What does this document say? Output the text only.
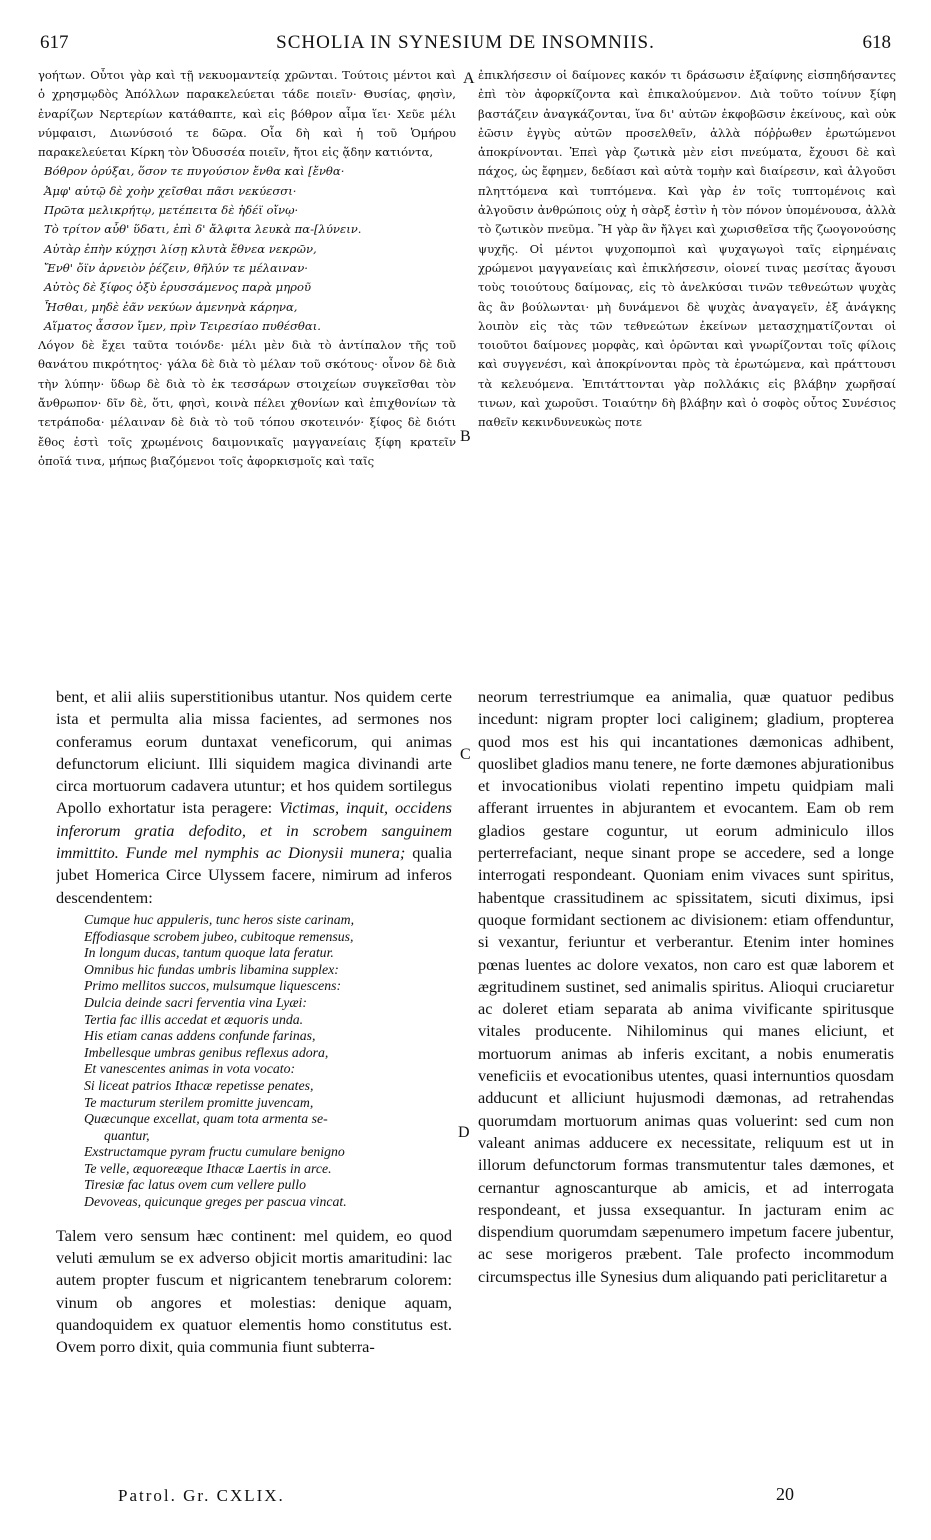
617	SCHOLIA IN SYNESIUM DE INSOMNIIS.	618

γοήτων. Οὗτοι γὰρ καὶ τῇ νεκυομαντείᾳ χρῶνται. Τούτοις μέντοι καὶ ὁ χρησμῳδὸς Ἀπόλλων παρακελεύεται τάδε ποιεῖν· Θυσίας, φησὶν, ἐναρίζων Νερτερίων κατάθαπτε, καὶ εἰς βόθρον αἷμα ἵει· Χεῦε μέλι νύμφαισι, Διωνύσοιό τε δῶρα. Οἷα δὴ καὶ ἡ τοῦ Ὁμήρου παρακελεύεται Κίρκη τὸν Ὀδυσσέα ποιεῖν, ἤτοι εἰς ᾅδην κατιόντα,

Βόθρον ὀρύξαι, ὅσον τε πυγούσιον ἔνθα καὶ [ἔνθα·
Ἀμφ' αὐτῷ δὲ χοὴν χεῖσθαι πᾶσι νεκύεσσι·
Πρῶτα μελικρήτῳ, μετέπειτα δὲ ἡδέϊ οἴνῳ·
Τὸ τρίτον αὖθ' ὕδατι, ἐπὶ δ' ἄλφιτα λευκὰ πα-[λύνειν.
Αὐτὰρ ἐπὴν κύχῃσι λίσῃ κλυτὰ ἔθνεα νεκρῶν,
Ἔνθ' ὄϊν ἀρνειὸν ῥέζειν, θῆλύν τε μέλαιναν·
Αὐτὸς δὲ ξίφος ὀξὺ ἐρυσσάμενος παρὰ μηροῦ
Ἧσθαι, μηδὲ ἐᾶν νεκύων ἀμενηνὰ κάρηνα,
Αἵματος ἆσσον ἴμεν, πρὶν Τειρεσίαο πυθέσθαι.

Λόγον δὲ ἔχει ταῦτα τοιόνδε· μέλι μὲν διὰ τὸ ἀντίπαλον τῆς τοῦ θανάτου πικρότητος· γάλα δὲ διὰ τὸ μέλαν τοῦ σκότους· οἶνον δὲ διὰ τὴν λύπην· ὕδωρ δὲ διὰ τὸ ἐκ τεσσάρων στοιχείων συγκεῖσθαι τὸν ἄνθρωπον· δῖν δὲ, ὅτι, φησὶ, κοινὰ πέλει χθονίων καὶ ἐπιχθονίων τὰ τετράποδα· μέλαιναν δὲ διὰ τὸ τοῦ τόπου σκοτεινόν· ξίφος δὲ διότι ἔθος ἐστὶ τοῖς χρωμένοις δαιμονικαῖς μαγγανείαις ξίφη κρατεῖν ὁποῖά τινα, μήπως βιαζόμενοι τοῖς ἀφορκισμοῖς καὶ ταῖς

ἐπικλήσεσιν οἱ δαίμονες κακόν τι δράσωσιν ἐξαίφνης εἰσπηδήσαντες ἐπὶ τὸν ἀφορκίζοντα καὶ ἐπικαλούμενον. Διὰ τοῦτο τοίνυν ξίφη βαστάζειν ἀναγκάζονται, ἵνα δι' αὐτῶν ἐκφοβῶσιν ἐκείνους, καὶ οὐκ ἐῶσιν ἐγγὺς αὐτῶν προσελθεῖν, ἀλλὰ πόῤῥωθεν ἐρωτώμενοι ἀποκρίνονται. Ἐπεὶ γὰρ ζωτικὰ μὲν εἰσι πνεύματα, ἔχουσι δὲ καὶ πάχος, ὡς ἔφημεν, δεδίασι καὶ αὐτὰ τομὴν καὶ διαίρεσιν, καὶ ἀλγοῦσι πληττόμενα καὶ τυπτόμενα. Καὶ γὰρ ἐν τοῖς τυπτομένοις καὶ ἀλγοῦσιν ἀνθρώποις οὐχ ἡ σὰρξ ἐστὶν ἡ τὸν πόνον ὑπομένουσα, ἀλλὰ τὸ ζωτικὸν πνεῦμα. Ἢ γὰρ ἂν ἤλγει καὶ χωρισθεῖσα τῆς ζωογονούσης ψυχῆς. Οἱ μέντοι ψυχοπομποὶ καὶ ψυχαγωγοὶ ταῖς εἰρημέναις χρώμενοι μαγγανείαις καὶ ἐπικλήσεσιν, οἱονεί τινας μεσίτας ἄγουσι τοὺς τοιούτους δαίμονας, εἰς τὸ ἀνελκύσαι τινῶν τεθνεώτων ψυχὰς ἃς ἂν βούλωνται· μὴ δυνάμενοι δὲ ψυχὰς ἀναγαγεῖν, ἐξ ἀνάγκης λοιπὸν εἰς τὰς τῶν τεθνεώτων ἐκείνων μετασχηματίζονται οἱ τοιοῦτοι δαίμονες μορφὰς, καὶ ὁρῶνται καὶ γνωρίζονται τοῖς φίλοις καὶ συγγενέσι, καὶ ἀποκρίνονται πρὸς τὰ ἐρωτώμενα, καὶ πράττουσι τὰ κελευόμενα. Ἐπιτάττονται γὰρ πολλάκις εἰς βλάβην χωρῆσαί τινων, καὶ χωροῦσι. Τοιαύτην δὴ βλάβην καὶ ὁ σοφὸς οὗτος Συνέσιος παθεῖν κεκινδυνευκὼς ποτε

A
B
C
D

bent, et alii aliis superstitionibus utantur. Nos quidem certe ista et permulta alia missa facientes, ad sermones nos conferamus eorum duntaxat veneficorum, qui animas defunctorum eliciunt. Illi siquidem magica divinandi arte circa mortuorum cadavera utuntur; et hos quidem sortilegus Apollo exhortatur ista peragere: Victimas, inquit, occidens inferorum gratia defodito, et in scrobem sanguinem immittito. Funde mel nymphis ac Dionysii munera; qualia jubet Homerica Circe Ulyssem facere, nimirum ad inferos descendentem:

Cumque huc appuleris, tunc heros siste carinam,
Effodiasque scrobem jubeo, cubitoque remensus,
In longum ducas, tantum quoque lata feratur.
Omnibus hic fundas umbris libamina supplex:
Primo mellitos succos, mulsumque liquescens:
Dulcia deinde sacri ferventia vina Lyæi:
Tertia fac illis accedat et æquoris unda.
His etiam canas addens confunde farinas,
Imbellesque umbras genibus reflexus adora,
Et vanescentes animas in vota vocato:
Si liceat patrios Ithacæ repetisse penates,
Te macturum sterilem promitte juvencam,
Quæcunque excellat, quam tota armenta se-
quantur,
Exstructamque pyram fructu cumulare benigno
Te velle, æquoreæque Ithacæ Laertis in arce.
Tiresiæ fac latus ovem cum vellere pullo
Devoveas, quicunque greges per pascua vincat.

Talem vero sensum hæc continent: mel quidem, eo quod veluti æmulum se ex adverso objicit mortis amaritudini: lac autem propter fuscum et nigricantem tenebrarum colorem: vinum ob angores et molestias: denique aquam, quandoquidem ex quatuor elementis homo constitutus est. Ovem porro dixit, quia communia fiunt subterra-

neorum terrestriumque ea animalia, quæ quatuor pedibus incedunt: nigram propter loci caliginem; gladium, propterea quod mos est his qui incantationes dæmonicas adhibent, quoslibet gladios manu tenere, ne forte dæmones abjurationibus et invocationibus violati repentino impetu quidpiam mali afferant irruentes in abjurantem et evocantem. Eam ob rem gladios gestare coguntur, ut eorum adminiculo illos perterrefaciant, neque sinant prope se accedere, sed a longe interrogati respondeant. Quoniam enim vivaces sunt spiritus, habentque crassitudinem ac spissitatem, sicuti diximus, ipsi quoque formidant sectionem ac divisionem: etiam offenduntur, si vexantur, feriuntur et verberantur. Etenim inter homines pœnas luentes ac dolore vexatos, non caro est quæ laborem et ægritudinem sustinet, sed animalis spiritus. Alioqui cruciaretur ac doleret etiam separata ab anima vivificante spiritusque vitales producente. Nihilominus qui manes eliciunt, et mortuorum animas ab inferis excitant, a nobis enumeratis veneficiis et evocationibus utentes, quasi internuntios quosdam adducunt et alliciunt hujusmodi dæmonas, ad retrahendas quorumdam mortuorum animas quas voluerint: sed cum non valeant animas adducere ex necessitate, reliquum est ut in illorum defunctorum formas transmutentur tales dæmones, et cernantur agnoscanturque ab amicis, et ad interrogata respondeant, et jussa exsequantur. In jacturam enim ac dispendium quorumdam sæpenumero impetum facere jubentur, ac sese morigeros præbent. Tale profecto incommodum circumspectus ille Synesius dum aliquando pati periclitaretur a

Patrol. Gr. CXLIX.	20
